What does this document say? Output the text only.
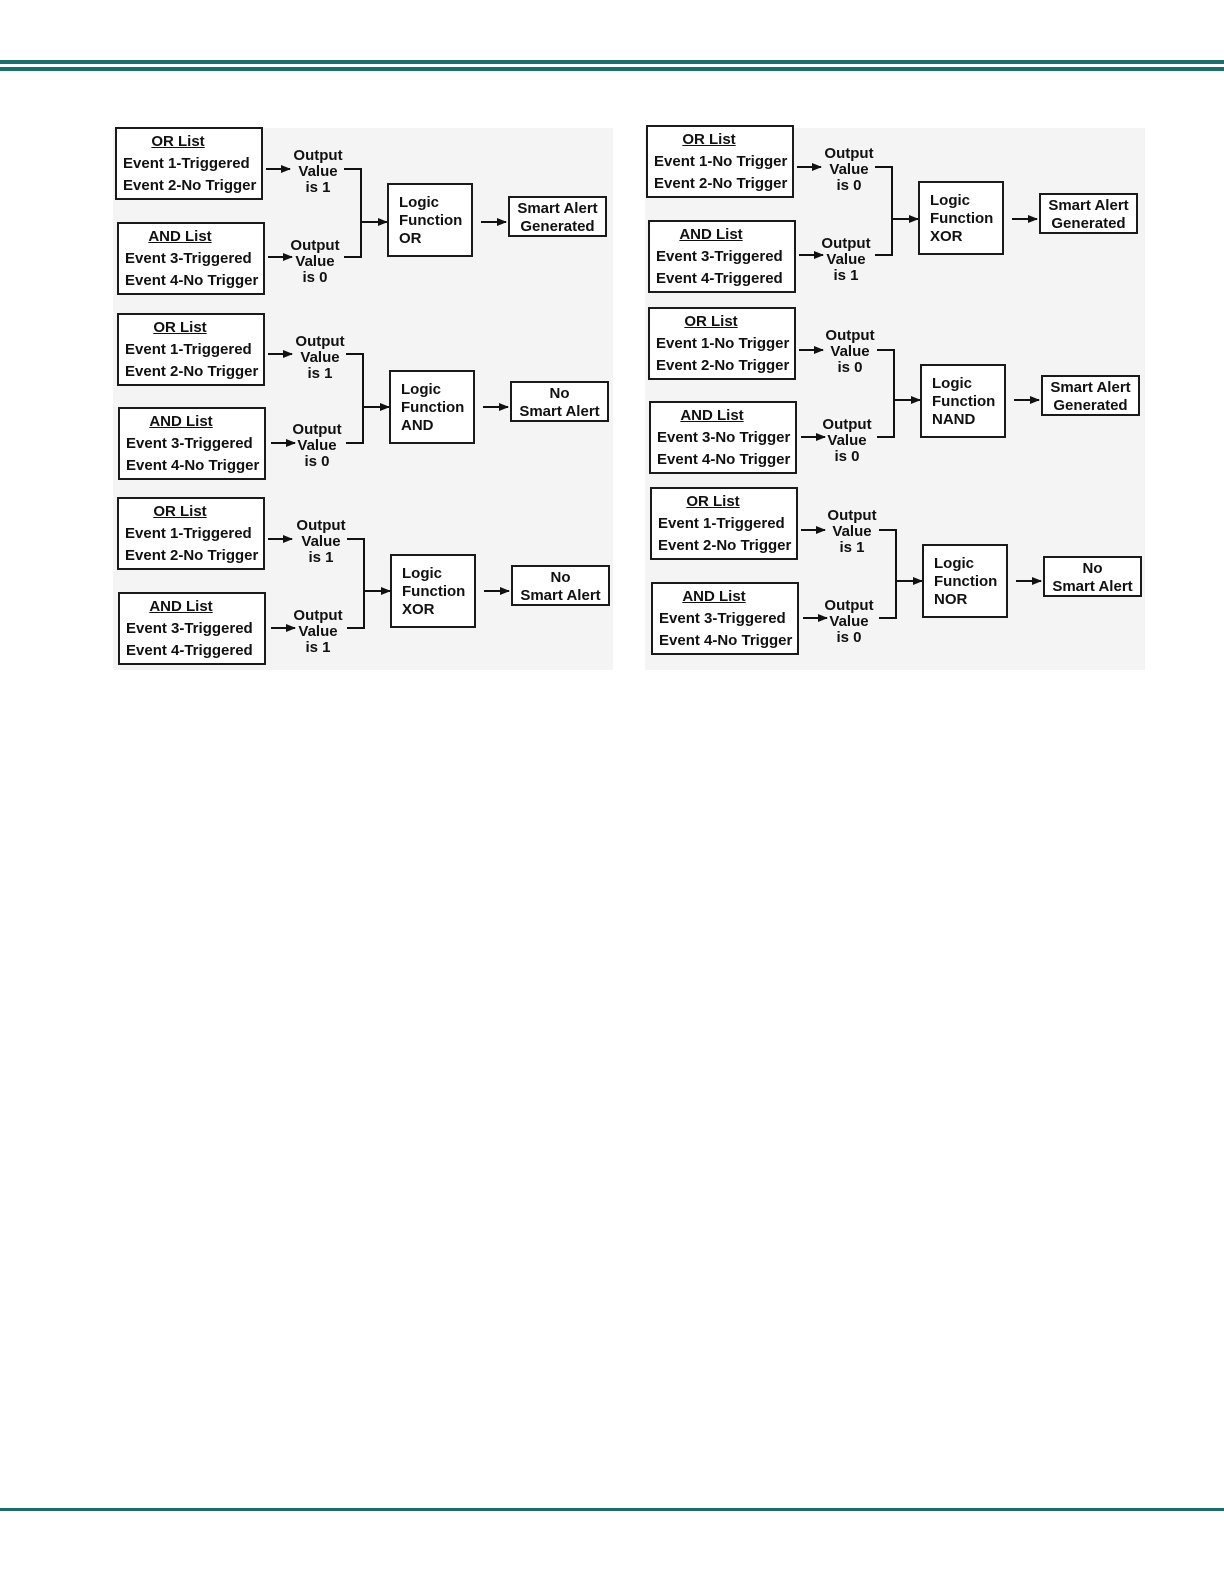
OR List
Event 1-Triggered
Event 2-No Trigger
AND List
Event 3-Triggered
Event 4-No Trigger
Output
Value
is 1
Output
Value
is 0
Logic
Function
OR
Smart Alert
Generated
OR List
Event 1-Triggered
Event 2-No Trigger
AND List
Event 3-Triggered
Event 4-No Trigger
Output
Value
is 1
Output
Value
is 0
Logic
Function
AND
No
Smart Alert
OR List
Event 1-Triggered
Event 2-No Trigger
AND List
Event 3-Triggered
Event 4-Triggered
Output
Value
is 1
Output
Value
is 1
Logic
Function
XOR
No
Smart Alert
OR List
Event 1-No Trigger
Event 2-No Trigger
AND List
Event 3-Triggered
Event 4-Triggered
Output
Value
is 0
Output
Value
is 1
Logic
Function
XOR
Smart Alert
Generated
OR List
Event 1-No Trigger
Event 2-No Trigger
AND List
Event 3-No Trigger
Event 4-No Trigger
Output
Value
is 0
Output
Value
is 0
Logic
Function
NAND
Smart Alert
Generated
OR List
Event 1-Triggered
Event 2-No Trigger
AND List
Event 3-Triggered
Event 4-No Trigger
Output
Value
is 1
Output
Value
is 0
Logic
Function
NOR
No
Smart Alert
